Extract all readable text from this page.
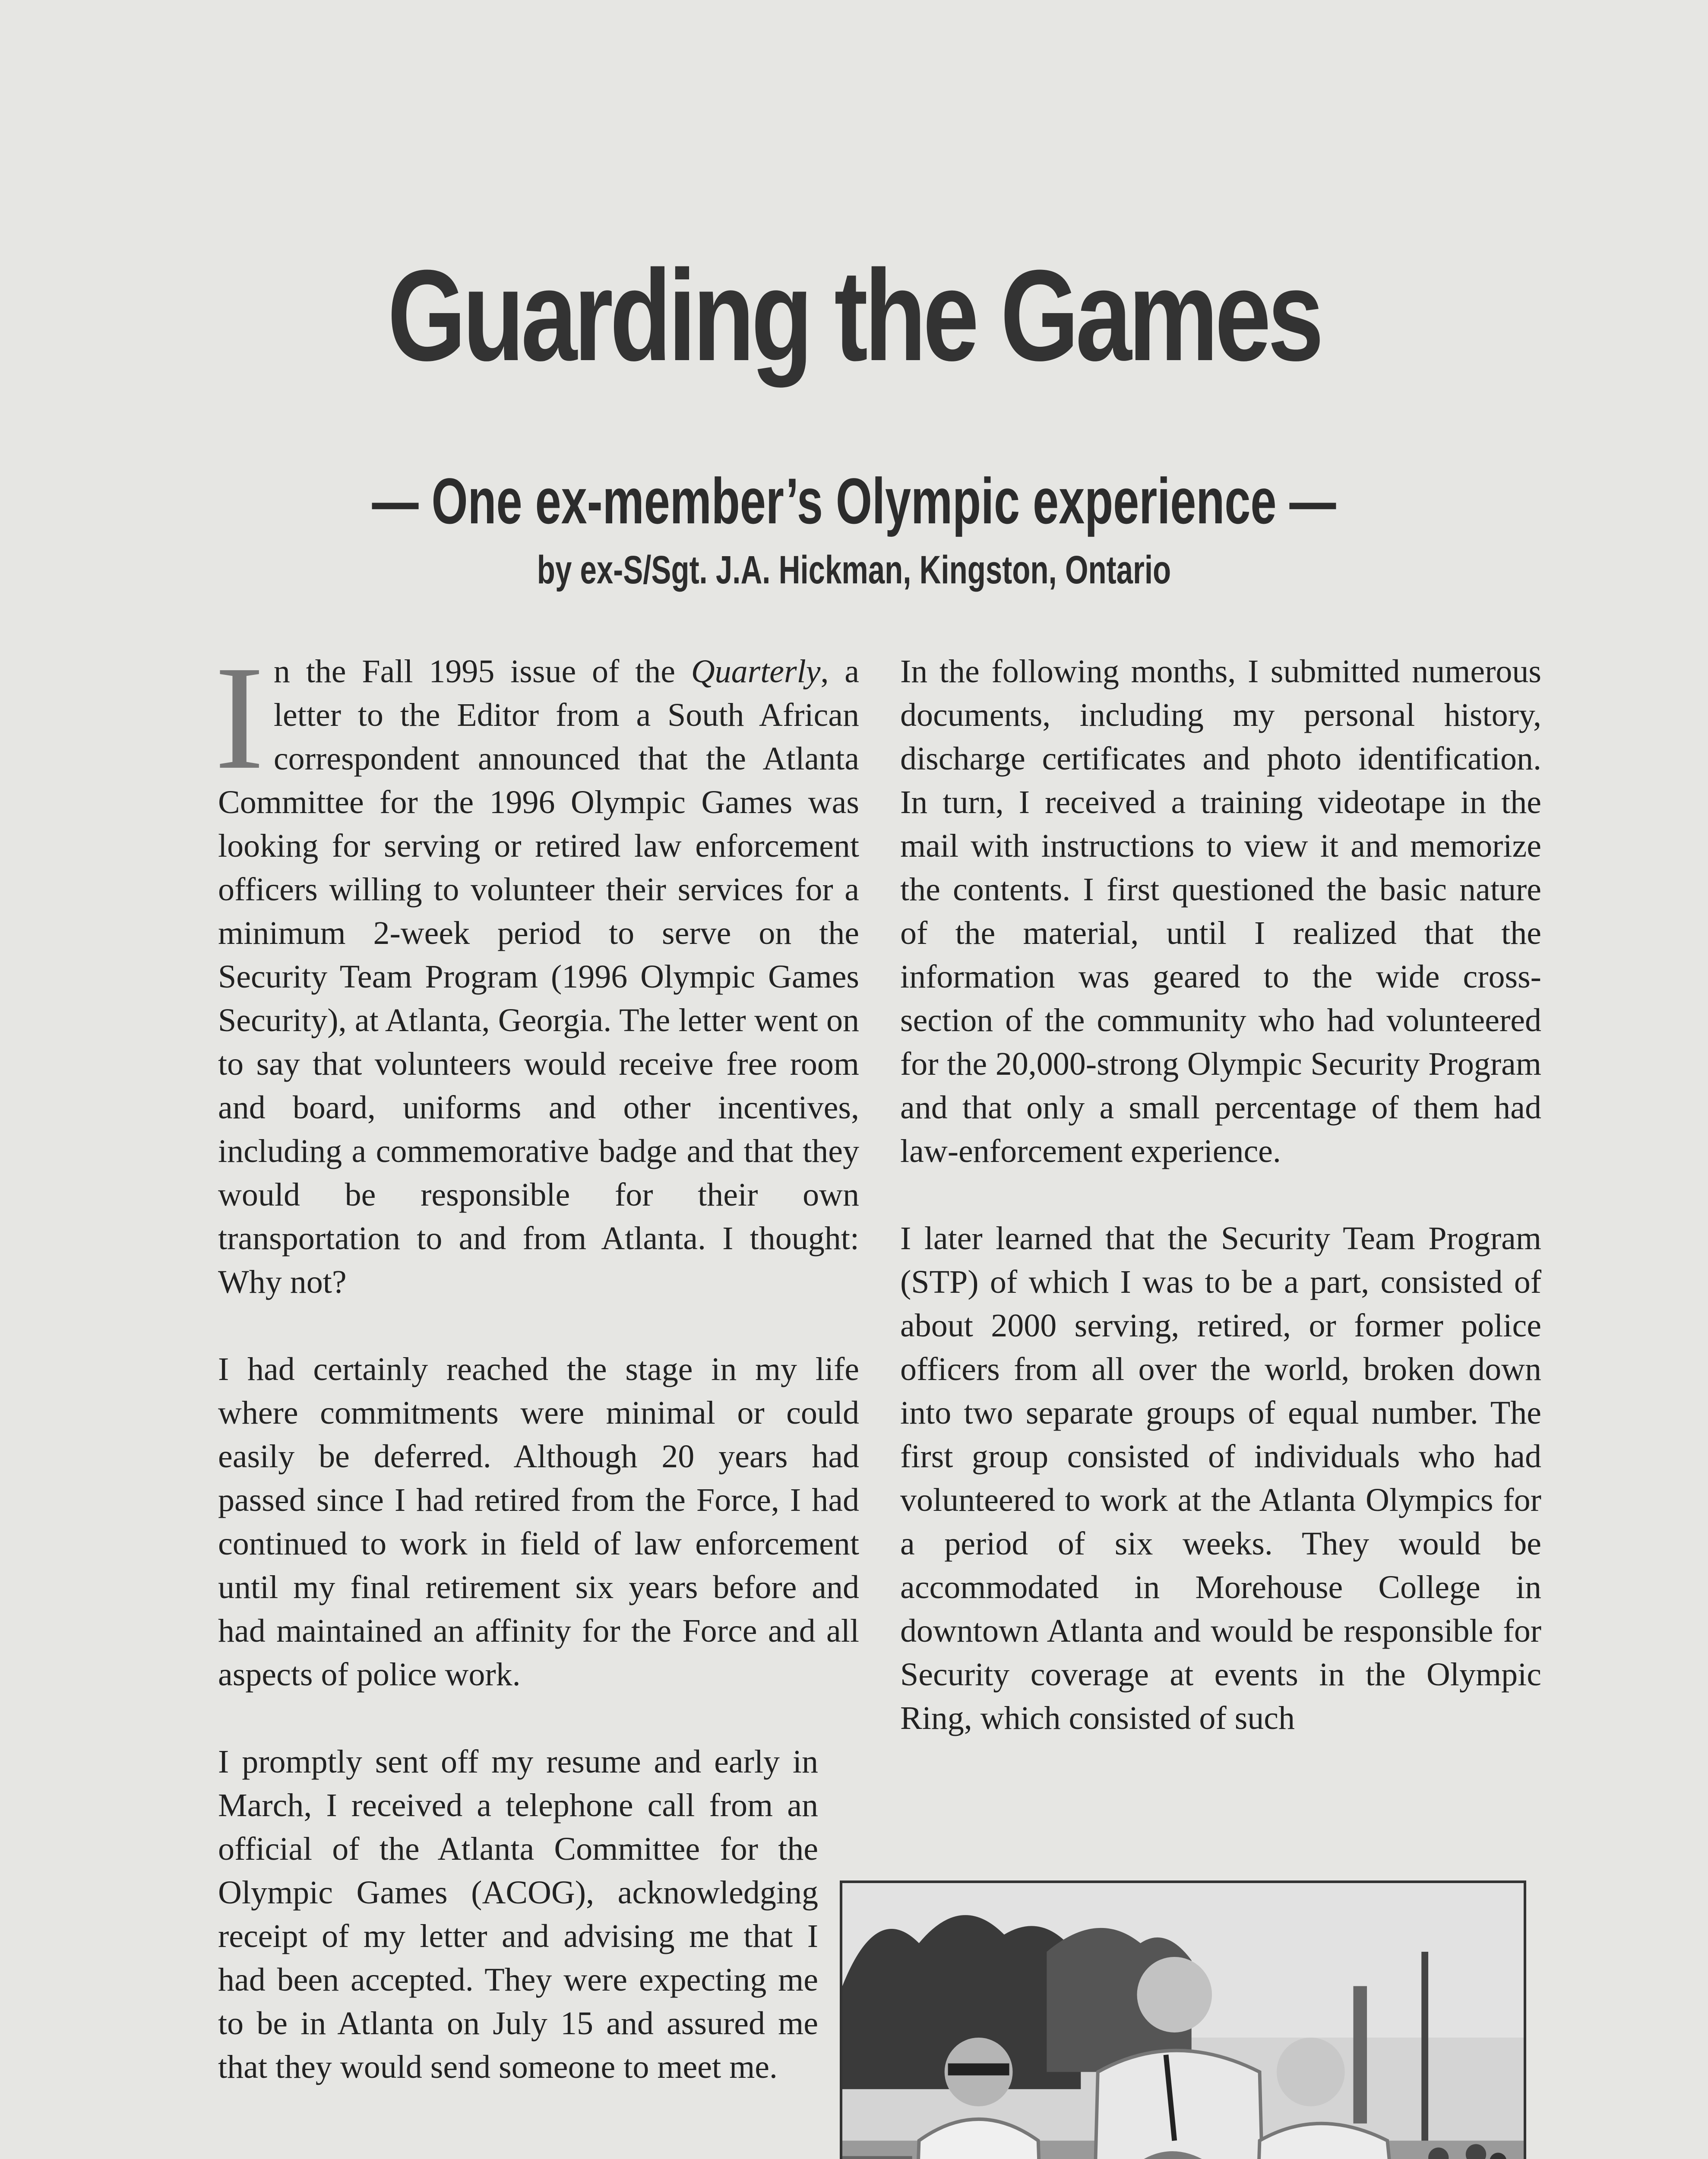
Guarding the Games
— One ex-member’s Olympic experience —
by ex-S/Sgt. J.A. Hickman, Kingston, Ontario

In the Fall 1995 issue of the Quarterly, a letter to the Editor from a South African correspondent announced that the Atlanta Committee for the 1996 Olympic Games was looking for serving or retired law enforcement officers willing to volunteer their services for a minimum 2-week period to serve on the Security Team Program (1996 Olympic Games Security), at Atlanta, Georgia. The letter went on to say that volunteers would receive free room and board, uniforms and other incentives, including a commemorative badge and that they would be responsible for their own transportation to and from Atlanta. I thought: Why not?

I had certainly reached the stage in my life where commitments were minimal or could easily be deferred. Although 20 years had passed since I had retired from the Force, I had continued to work in field of law enforcement until my final retirement six years before and had maintained an affinity for the Force and all aspects of police work.

I promptly sent off my resume and early in March, I received a telephone call from an official of the Atlanta Committee for the Olympic Games (ACOG), acknowledging receipt of my letter and advising me that I had been accepted. They were expecting me to be in Atlanta on July 15 and assured me that they would send someone to meet me.

In the following months, I submitted numerous documents, including my personal history, discharge certificates and photo identification. In turn, I received a training videotape in the mail with instructions to view it and memorize the contents. I first questioned the basic nature of the material, until I realized that the information was geared to the wide cross-section of the community who had volunteered for the 20,000-strong Olympic Security Program and that only a small percentage of them had law-enforcement experience.

I later learned that the Security Team Program (STP) of which I was to be a part, consisted of about 2000 serving, retired, or former police officers from all over the world, broken down into two separate groups of equal number. The first group consisted of individuals who had volunteered to work at the Atlanta Olympics for a period of six weeks. They would be accommodated in Morehouse College in downtown Atlanta and would be responsible for Security coverage at events in the Olympic Ring, which consisted of such
